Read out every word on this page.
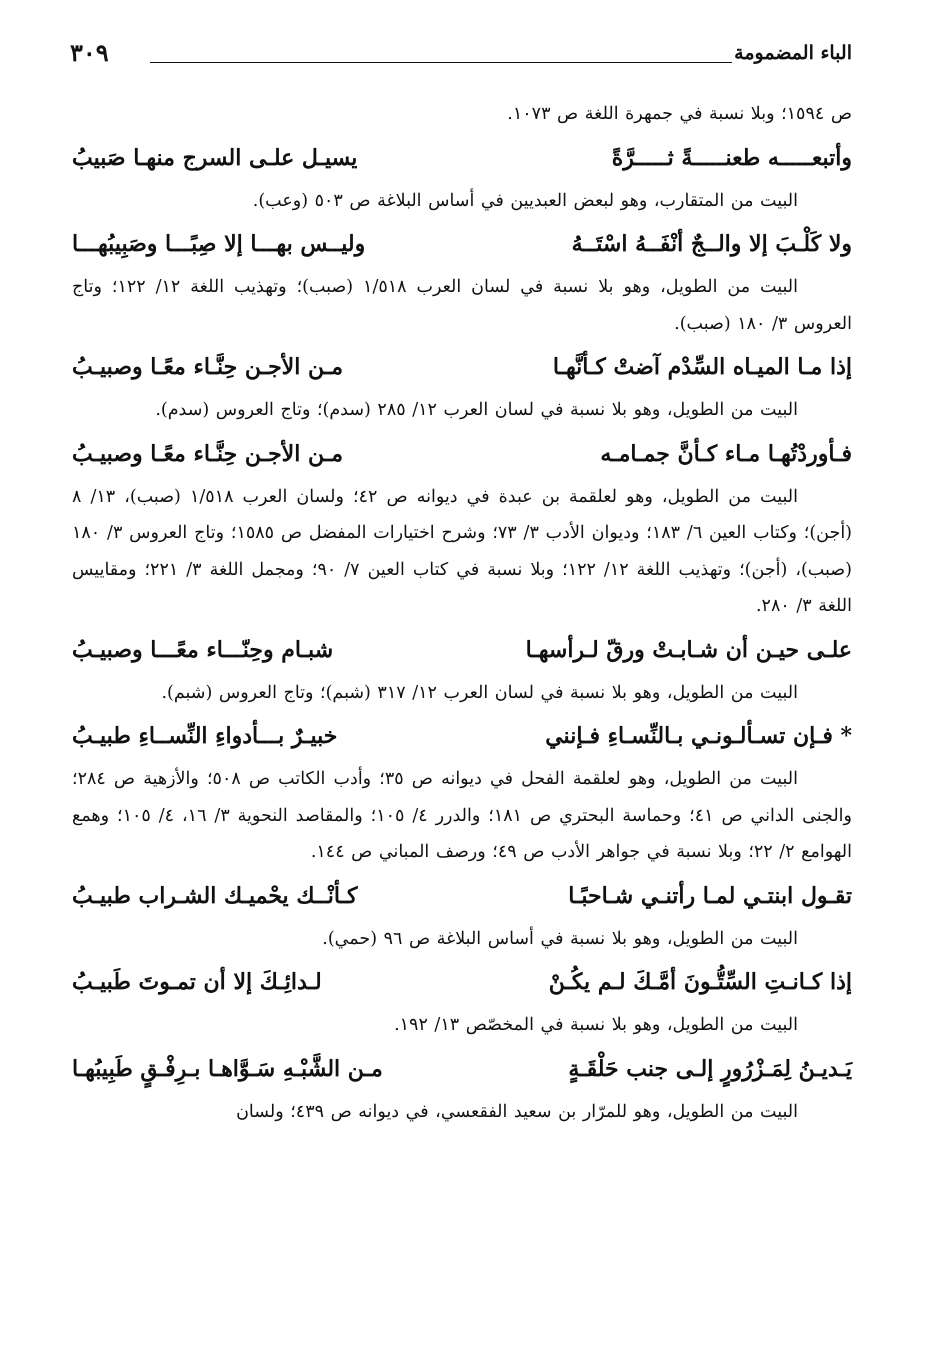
الباء المضمومة
٣٠٩

ص ١٥٩٤؛ وبلا نسبة في جمهرة اللغة ص ١٠٧٣.

وأتبعـــــه طعنـــــةً ثـــــرَّةً
يسيـل علـى السرج منهـا صَبيبُ

البيت من المتقارب، وهو لبعض العبديين في أساس البلاغة ص ٥٠٣ (وعب).

ولا كَلْـبَ إلا والــجٌ أنْفَــهُ اسْتَــهُ
وليــس بهـــا إلا صِبًـــا وصَبِيبُهـــا

البيت من الطويل، وهو بلا نسبة في لسان العرب ١/٥١٨ (صبب)؛ وتهذيب اللغة ١٢/ ١٢٢؛ وتاج العروس ٣/ ١٨٠ (صبب).

إذا مـا الميـاه السِّدْم آضتْ كـأنَّهـا
مـن الأجـن حِنَّـاء معًـا وصبيـبُ

البيت من الطويل، وهو بلا نسبة في لسان العرب ١٢/ ٢٨٥ (سدم)؛ وتاج العروس (سدم).

فـأوردْتُهـا مـاء كـأنَّ جمـامـه
مـن الأجـن حِنَّـاء معًـا وصبيـبُ

البيت من الطويل، وهو لعلقمة بن عبدة في ديوانه ص ٤٢؛ ولسان العرب ١/٥١٨ (صبب)، ١٣/ ٨ (أجن)؛ وكتاب العين ٦/ ١٨٣؛ وديوان الأدب ٣/ ٧٣؛ وشرح اختيارات المفضل ص ١٥٨٥؛ وتاج العروس ٣/ ١٨٠ (صبب)، (أجن)؛ وتهذيب اللغة ١٢/ ١٢٢؛ وبلا نسبة في كتاب العين ٧/ ٩٠؛ ومجمل اللغة ٣/ ٢٢١؛ ومقاييس اللغة ٣/ ٢٨٠.

علـى حيـن أن شـابـتْ ورقّ لـرأسهـا
شبـام وحِنّـــاء معًـــا وصبيـبُ

البيت من الطويل، وهو بلا نسبة في لسان العرب ١٢/ ٣١٧ (شبم)؛ وتاج العروس (شبم).

* فـإن تسـألـونـي بـالنِّسـاءِ فـإنني
خبيـرٌ بـــأدواءِ النِّســاءِ طبيـبُ

البيت من الطويل، وهو لعلقمة الفحل في ديوانه ص ٣٥؛ وأدب الكاتب ص ٥٠٨؛ والأزهية ص ٢٨٤؛ والجنى الداني ص ٤١؛ وحماسة البحتري ص ١٨١؛ والدرر ٤/ ١٠٥؛ والمقاصد النحوية ٣/ ١٦، ٤/ ١٠٥؛ وهمع الهوامع ٢/ ٢٢؛ وبلا نسبة في جواهر الأدب ص ٤٩؛ ورصف المباني ص ١٤٤.

تقـول ابنتـي لمـا رأتنـي شـاحبًـا
كـأنْــك يحْميـك الشـراب طبيـبُ

البيت من الطويل، وهو بلا نسبة في أساس البلاغة ص ٩٦ (حمي).

إذا كـانـتِ السِّتُّـونَ أمَّـكَ لـم يكُـنْ
لـدائِـكَ إلا أن تمـوتَ طَبيـبُ

البيت من الطويل، وهو بلا نسبة في المخصّص ١٣/ ١٩٢.

يَـديـنُ لِمَـزْرُورٍ إلـى جنب حَلْقَـةٍ
مـن الشَّبْـهِ سَـوَّاهـا بـرِفْـقٍ طَبِيبُهـا

البيت من الطويل، وهو للمرّار بن سعيد الفقعسي، في ديوانه ص ٤٣٩؛ ولسان
